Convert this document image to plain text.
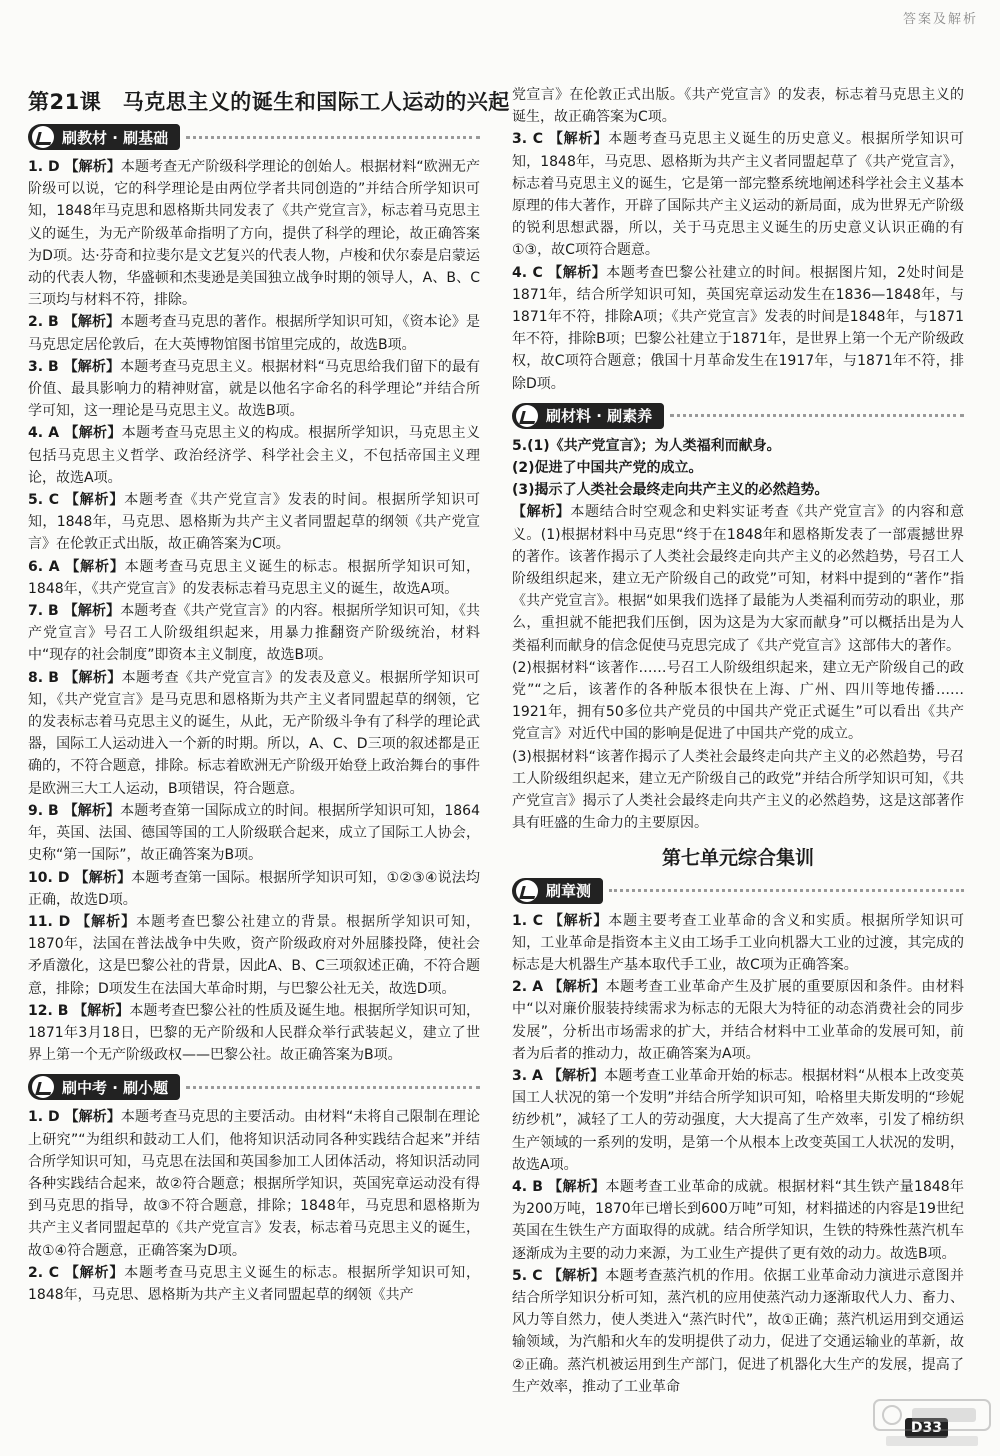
答案及解析
第21课　马克思主义的诞生和国际工人运动的兴起
刷教材 · 刷基础

1. D 【解析】本题考查无产阶级科学理论的创始人。根据材料“欧洲无产阶级可以说，它的科学理论是由两位学者共同创造的”并结合所学知识可知，1848年马克思和恩格斯共同发表了《共产党宣言》，标志着马克思主义的诞生，为无产阶级革命指明了方向，提供了科学的理论，故正确答案为D项。达·芬奇和拉斐尔是文艺复兴的代表人物，卢梭和伏尔泰是启蒙运动的代表人物，华盛顿和杰斐逊是美国独立战争时期的领导人，A、B、C三项均与材料不符，排除。

2. B 【解析】本题考查马克思的著作。根据所学知识可知，《资本论》是马克思定居伦敦后，在大英博物馆图书馆里完成的，故选B项。

3. B 【解析】本题考查马克思主义。根据材料“马克思给我们留下的最有价值、最具影响力的精神财富，就是以他名字命名的科学理论”并结合所学可知，这一理论是马克思主义。故选B项。

4. A 【解析】本题考查马克思主义的构成。根据所学知识，马克思主义包括马克思主义哲学、政治经济学、科学社会主义，不包括帝国主义理论，故选A项。

5. C 【解析】本题考查《共产党宣言》发表的时间。根据所学知识可知，1848年，马克思、恩格斯为共产主义者同盟起草的纲领《共产党宣言》在伦敦正式出版，故正确答案为C项。

6. A 【解析】本题考查马克思主义诞生的标志。根据所学知识可知，1848年，《共产党宣言》的发表标志着马克思主义的诞生，故选A项。

7. B 【解析】本题考查《共产党宣言》的内容。根据所学知识可知，《共产党宣言》号召工人阶级组织起来，用暴力推翻资产阶级统治，材料中“现存的社会制度”即资本主义制度，故选B项。

8. B 【解析】本题考查《共产党宣言》的发表及意义。根据所学知识可知，《共产党宣言》是马克思和恩格斯为共产主义者同盟起草的纲领，它的发表标志着马克思主义的诞生，从此，无产阶级斗争有了科学的理论武器，国际工人运动进入一个新的时期。所以，A、C、D三项的叙述都是正确的，不符合题意，排除。标志着欧洲无产阶级开始登上政治舞台的事件是欧洲三大工人运动，B项错误，符合题意。

9. B 【解析】本题考查第一国际成立的时间。根据所学知识可知，1864年，英国、法国、德国等国的工人阶级联合起来，成立了国际工人协会，史称“第一国际”，故正确答案为B项。

10. D 【解析】本题考查第一国际。根据所学知识可知，①②③④说法均正确，故选D项。

11. D 【解析】本题考查巴黎公社建立的背景。根据所学知识可知，1870年，法国在普法战争中失败，资产阶级政府对外屈膝投降，使社会矛盾激化，这是巴黎公社的背景，因此A、B、C三项叙述正确，不符合题意，排除；D项发生在法国大革命时期，与巴黎公社无关，故选D项。

12. B 【解析】本题考查巴黎公社的性质及诞生地。根据所学知识可知，1871年3月18日，巴黎的无产阶级和人民群众举行武装起义，建立了世界上第一个无产阶级政权——巴黎公社。故正确答案为B项。

刷中考 · 刷小题

1. D 【解析】本题考查马克思的主要活动。由材料“未将自己限制在理论上研究”“为组织和鼓动工人们，他将知识活动同各种实践结合起来”并结合所学知识可知，马克思在法国和英国参加工人团体活动，将知识活动同各种实践结合起来，故②符合题意；根据所学知识，英国宪章运动没有得到马克思的指导，故③不符合题意，排除；1848年，马克思和恩格斯为共产主义者同盟起草的《共产党宣言》发表，标志着马克思主义的诞生，故①④符合题意，正确答案为D项。

2. C 【解析】本题考查马克思主义诞生的标志。根据所学知识可知，1848年，马克思、恩格斯为共产主义者同盟起草的纲领《共产

党宣言》在伦敦正式出版。《共产党宣言》的发表，标志着马克思主义的诞生，故正确答案为C项。

3. C 【解析】本题考查马克思主义诞生的历史意义。根据所学知识可知，1848年，马克思、恩格斯为共产主义者同盟起草了《共产党宣言》，标志着马克思主义的诞生，它是第一部完整系统地阐述科学社会主义基本原理的伟大著作，开辟了国际共产主义运动的新局面，成为世界无产阶级的锐利思想武器，所以，关于马克思主义诞生的历史意义认识正确的有①③，故C项符合题意。

4. C 【解析】本题考查巴黎公社建立的时间。根据图片知，2处时间是1871年，结合所学知识可知，英国宪章运动发生在1836—1848年，与1871年不符，排除A项；《共产党宣言》发表的时间是1848年，与1871年不符，排除B项；巴黎公社建立于1871年，是世界上第一个无产阶级政权，故C项符合题意；俄国十月革命发生在1917年，与1871年不符，排除D项。

刷材料 · 刷素养
5.(1)《共产党宣言》；为人类福利而献身。
(2)促进了中国共产党的成立。
(3)揭示了人类社会最终走向共产主义的必然趋势。

【解析】本题结合时空观念和史料实证考查《共产党宣言》的内容和意义。(1)根据材料中马克思“终于在1848年和恩格斯发表了一部震撼世界的著作。该著作揭示了人类社会最终走向共产主义的必然趋势，号召工人阶级组织起来，建立无产阶级自己的政党”可知，材料中提到的“著作”指《共产党宣言》。根据“如果我们选择了最能为人类福利而劳动的职业，那么，重担就不能把我们压倒，因为这是为大家而献身”可以概括出是为人类福利而献身的信念促使马克思完成了《共产党宣言》这部伟大的著作。

(2)根据材料“该著作……号召工人阶级组织起来，建立无产阶级自己的政党”“之后，该著作的各种版本很快在上海、广州、四川等地传播……1921年，拥有50多位共产党员的中国共产党正式诞生”可以看出《共产党宣言》对近代中国的影响是促进了中国共产党的成立。

(3)根据材料“该著作揭示了人类社会最终走向共产主义的必然趋势，号召工人阶级组织起来，建立无产阶级自己的政党”并结合所学知识可知，《共产党宣言》揭示了人类社会最终走向共产主义的必然趋势，这是这部著作具有旺盛的生命力的主要原因。

第七单元综合集训
刷章测

1. C 【解析】本题主要考查工业革命的含义和实质。根据所学知识可知，工业革命是指资本主义由工场手工业向机器大工业的过渡，其完成的标志是大机器生产基本取代手工业，故C项为正确答案。

2. A 【解析】本题考查工业革命产生及扩展的重要原因和条件。由材料中“以对廉价服装持续需求为标志的无限大为特征的动态消费社会的同步发展”，分析出市场需求的扩大，并结合材料中工业革命的发展可知，前者为后者的推动力，故正确答案为A项。

3. A 【解析】本题考查工业革命开始的标志。根据材料“从根本上改变英国工人状况的第一个发明”并结合所学知识可知，哈格里夫斯发明的“珍妮纺纱机”，减轻了工人的劳动强度，大大提高了生产效率，引发了棉纺织生产领域的一系列的发明，是第一个从根本上改变英国工人状况的发明，故选A项。

4. B 【解析】本题考查工业革命的成就。根据材料“其生铁产量1848年为200万吨，1870年已增长到600万吨”可知，材料描述的内容是19世纪英国在生铁生产方面取得的成就。结合所学知识，生铁的特殊性蒸汽机车逐渐成为主要的动力来源，为工业生产提供了更有效的动力。故选B项。

5. C 【解析】本题考查蒸汽机的作用。依据工业革命动力演进示意图并结合所学知识分析可知，蒸汽机的应用使蒸汽动力逐渐取代人力、畜力、风力等自然力，使人类进入“蒸汽时代”，故①正确；蒸汽机运用到交通运输领域，为汽船和火车的发明提供了动力，促进了交通运输业的革新，故②正确。蒸汽机被运用到生产部门，促进了机器化大生产的发展，提高了生产效率，推动了工业革命

D33
